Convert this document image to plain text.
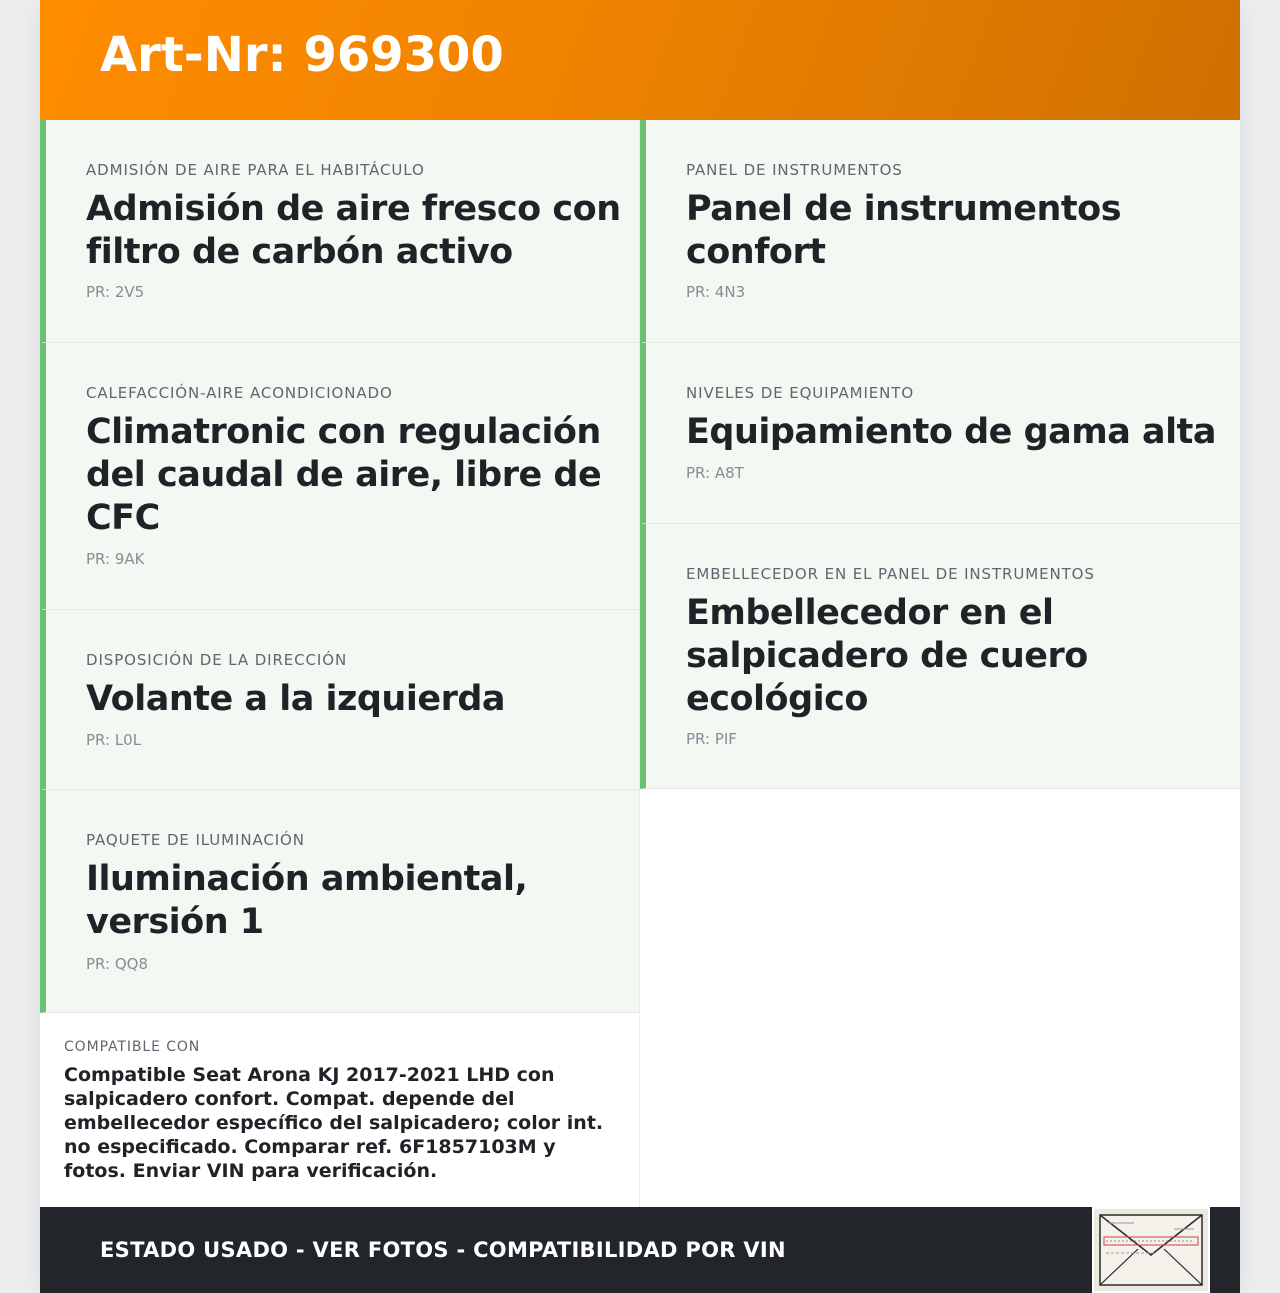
Art-Nr: 969300
ADMISIÓN DE AIRE PARA EL HABITÁCULO
Admisión de aire fresco con filtro de carbón activo
PR: 2V5
CALEFACCIÓN-AIRE ACONDICIONADO
Climatronic con regulación del caudal de aire, libre de CFC
PR: 9AK
DISPOSICIÓN DE LA DIRECCIÓN
Volante a la izquierda
PR: L0L
PAQUETE DE ILUMINACIÓN
Iluminación ambiental, versión 1
PR: QQ8
PANEL DE INSTRUMENTOS
Panel de instrumentos confort
PR: 4N3
NIVELES DE EQUIPAMIENTO
Equipamiento de gama alta
PR: A8T
EMBELLECEDOR EN EL PANEL DE INSTRUMENTOS
Embellecedor en el salpicadero de cuero ecológico
PR: PIF
COMPATIBLE CON
Compatible Seat Arona KJ 2017-2021 LHD con salpicadero confort. Compat. depende del embellecedor específico del salpicadero; color int. no especificado. Comparar ref. 6F1857103M y fotos. Enviar VIN para verificación.
ESTADO USADO - VER FOTOS - COMPATIBILIDAD POR VIN
